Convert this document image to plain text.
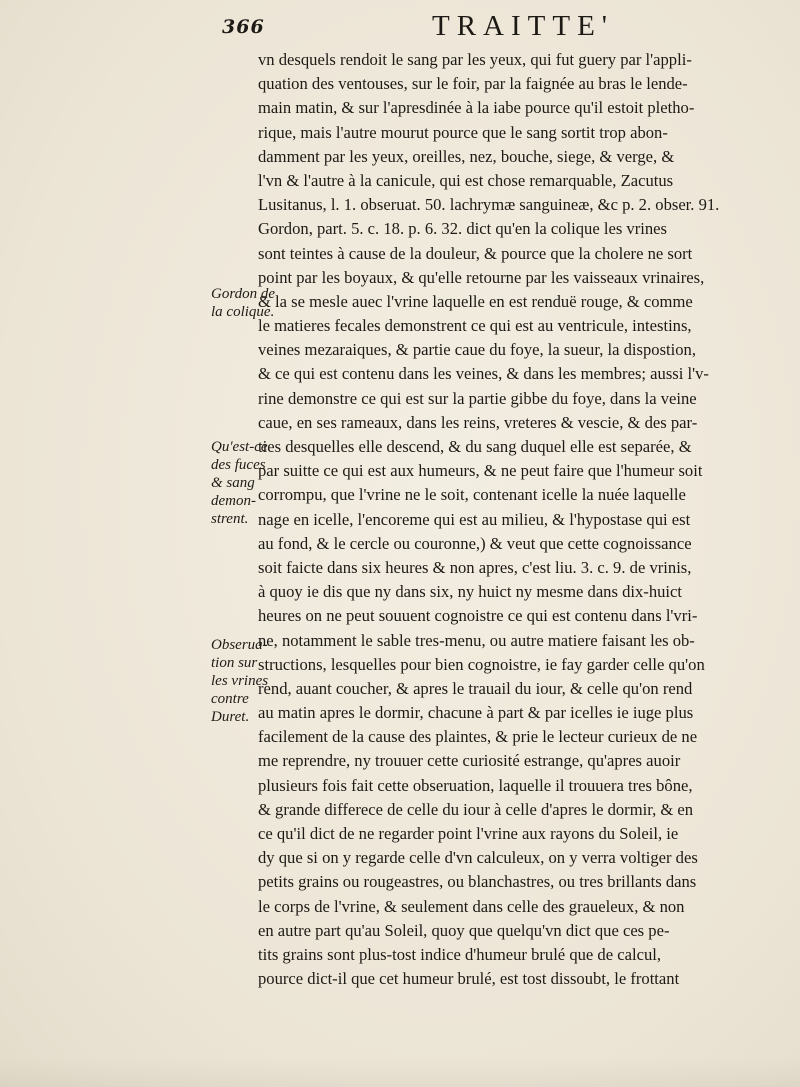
366	TRAITTE'
vn desquels rendoit le sang par les yeux, qui fut guery par l'appli-
quation des ventouses, sur le foir, par la faignée au bras le lende-
main matin, & sur l'apresdinée à la iabe pource qu'il estoit pletho-
rique, mais l'autre mourut pource que le sang sortit trop abon-
damment par les yeux, oreilles, nez, bouche, siege, & verge, &
l'vn & l'autre à la canicule, qui est chose remarquable, Zacutus
Lusitanus, l. 1. obseruat. 50. lachrymæ sanguineæ, &c p. 2. obser. 91.
Gordon, part. 5. c. 18. p. 6. 32. dict qu'en la colique les vrines
sont teintes à cause de la douleur, & pource que la cholere ne sort
point par les boyaux, & qu'elle retourne par les vaisseaux vrinaires,
& la se mesle auec l'vrine laquelle en est renduë rouge, & comme
le matieres fecales demonstrent ce qui est au ventricule, intestins,
veines mezaraiques, & partie caue du foye, la sueur, la dispostion,
& ce qui est contenu dans les veines, & dans les membres; aussi l'v-
rine demonstre ce qui est sur la partie gibbe du foye, dans la veine
caue, en ses rameaux, dans les reins, vreteres & vescie, & des par-
ties desquelles elle descend, & du sang duquel elle est separée, &
par suitte ce qui est aux humeurs, & ne peut faire que l'humeur soit
corrompu, que l'vrine ne le soit, contenant icelle la nuée laquelle
nage en icelle, l'encoreme qui est au milieu, & l'hypostase qui est
au fond, & le cercle ou couronne,) & veut que cette cognoissance
soit faicte dans six heures & non apres, c'est liu. 3. c. 9. de vrinis,
à quoy ie dis que ny dans six, ny huict ny mesme dans dix-huict
heures on ne peut souuent cognoistre ce qui est contenu dans l'vri-
ne, notamment le sable tres-menu, ou autre matiere faisant les ob-
structions, lesquelles pour bien cognoistre, ie fay garder celle qu'on
rend, auant coucher, & apres le trauail du iour, & celle qu'on rend
au matin apres le dormir, chacune à part & par icelles ie iuge plus
facilement de la cause des plaintes, & prie le lecteur curieux de ne
me reprendre, ny trouuer cette curiosité estrange, qu'apres auoir
plusieurs fois fait cette obseruation, laquelle il trouuera tres bône,
& grande differece de celle du iour à celle d'apres le dormir, & en
ce qu'il dict de ne regarder point l'vrine aux rayons du Soleil, ie
dy que si on y regarde celle d'vn calculeux, on y verra voltiger des
petits grains ou rougeastres, ou blanchastres, ou tres brillants dans
le corps de l'vrine, & seulement dans celle des graueleux, & non
en autre part qu'au Soleil, quoy que quelqu'vn dict que ces pe-
tits grains sont plus-tost indice d'humeur brulé que de calcul,
pource dict-il que cet humeur brulé, est tost dissoubt, le frottant
Gordon de
la colique.
Qu'est-ce
des fuces
& sang
demon-
strent.
Obserua-
tion sur
les vrines
contre
Duret.
